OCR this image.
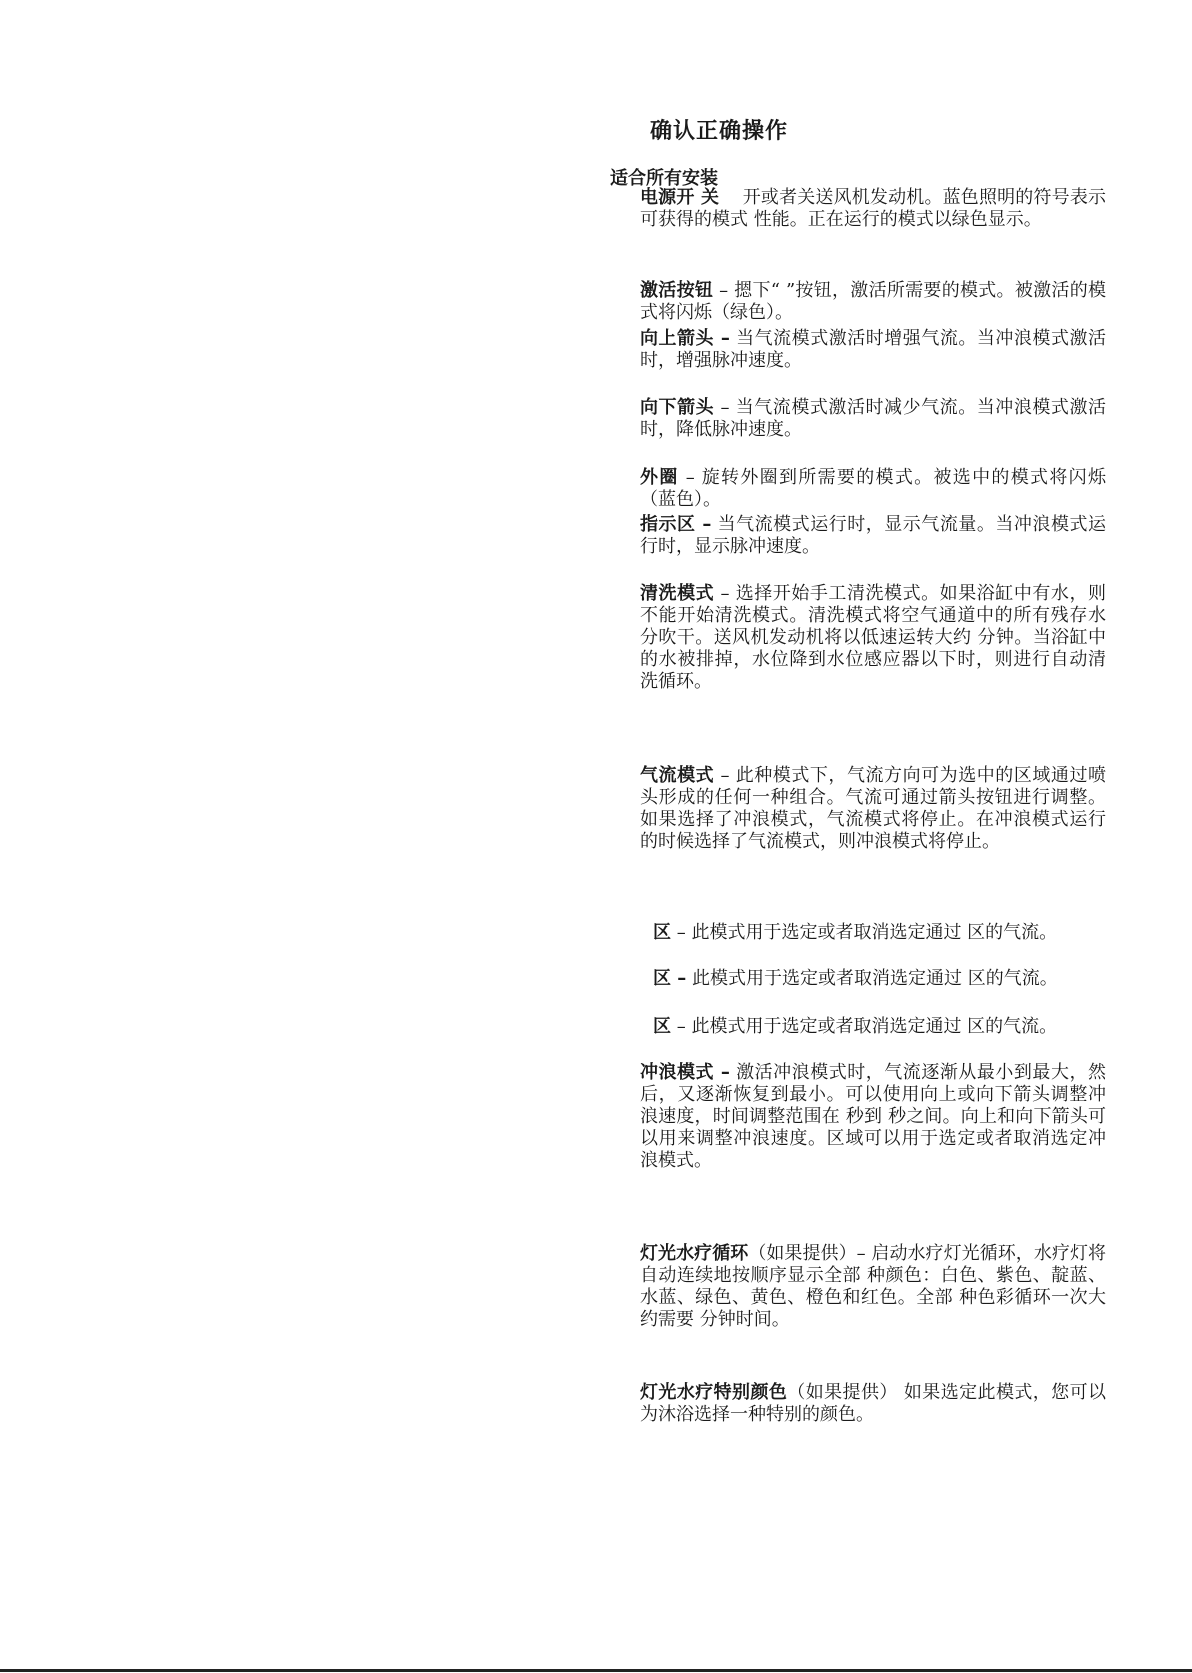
确认正确操作
适合所有安装
电源开 关 开或者关送风机发动机。蓝色照明的符号表示可获得的模式 性能。正在运行的模式以绿色显示。
激活按钮 – 摁下“ ”按钮，激活所需要的模式。被激活的模式将闪烁（绿色）。
向上箭头 – 当气流模式激活时增强气流。当冲浪模式激活时，增强脉冲速度。
向下箭头 – 当气流模式激活时减少气流。当冲浪模式激活时，降低脉冲速度。
外圈 – 旋转外圈到所需要的模式。被选中的模式将闪烁（蓝色）。
指示区 – 当气流模式运行时，显示气流量。当冲浪模式运行时，显示脉冲速度。
清洗模式 – 选择开始手工清洗模式。如果浴缸中有水，则不能开始清洗模式。清洗模式将空气通道中的所有残存水分吹干。送风机发动机将以低速运转大约 分钟。当浴缸中的水被排掉，水位降到水位感应器以下时，则进行自动清洗循环。
气流模式 – 此种模式下，气流方向可为选中的区域通过喷头形成的任何一种组合。气流可通过箭头按钮进行调整。如果选择了冲浪模式，气流模式将停止。在冲浪模式运行的时候选择了气流模式，则冲浪模式将停止。
区 – 此模式用于选定或者取消选定通过 区的气流。
区 – 此模式用于选定或者取消选定通过 区的气流。
区 – 此模式用于选定或者取消选定通过 区的气流。
冲浪模式 – 激活冲浪模式时，气流逐渐从最小到最大，然后，又逐渐恢复到最小。可以使用向上或向下箭头调整冲浪速度，时间调整范围在 秒到 秒之间。向上和向下箭头可以用来调整冲浪速度。区域可以用于选定或者取消选定冲浪模式。
灯光水疗循环（如果提供）– 启动水疗灯光循环，水疗灯将自动连续地按顺序显示全部 种颜色：白色、紫色、靛蓝、水蓝、绿色、黄色、橙色和红色。全部 种色彩循环一次大约需要 分钟时间。
灯光水疗特别颜色（如果提供） 如果选定此模式，您可以为沐浴选择一种特别的颜色。
